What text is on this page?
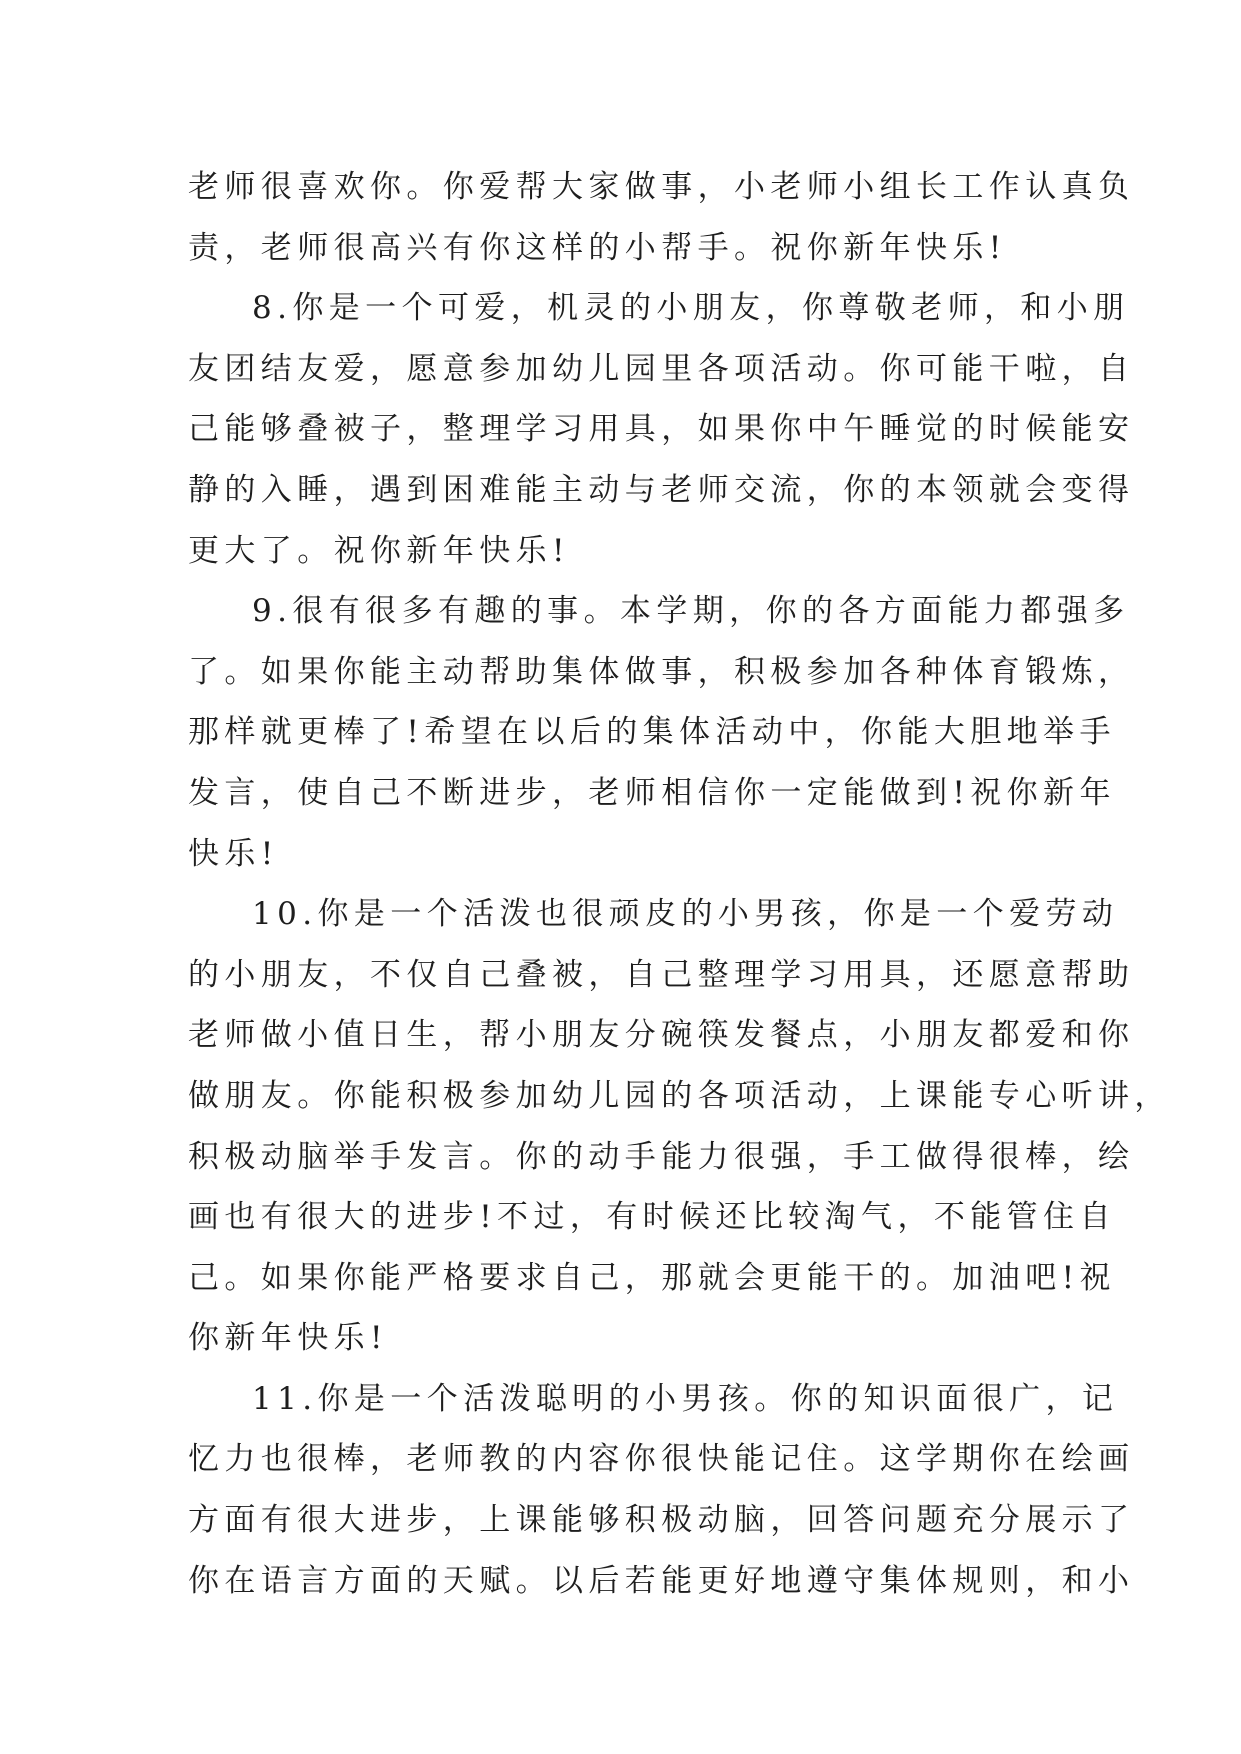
老师很喜欢你。你爱帮大家做事，小老师小组长工作认真负
责，老师很高兴有你这样的小帮手。祝你新年快乐!
8.你是一个可爱，机灵的小朋友，你尊敬老师，和小朋
友团结友爱，愿意参加幼儿园里各项活动。你可能干啦，自
己能够叠被子，整理学习用具，如果你中午睡觉的时候能安
静的入睡，遇到困难能主动与老师交流，你的本领就会变得
更大了。祝你新年快乐!
9.很有很多有趣的事。本学期，你的各方面能力都强多
了。如果你能主动帮助集体做事，积极参加各种体育锻炼，
那样就更棒了!希望在以后的集体活动中，你能大胆地举手
发言，使自己不断进步，老师相信你一定能做到!祝你新年
快乐!
10.你是一个活泼也很顽皮的小男孩，你是一个爱劳动
的小朋友，不仅自己叠被，自己整理学习用具，还愿意帮助
老师做小值日生，帮小朋友分碗筷发餐点，小朋友都爱和你
做朋友。你能积极参加幼儿园的各项活动，上课能专心听讲，
积极动脑举手发言。你的动手能力很强，手工做得很棒，绘
画也有很大的进步!不过，有时候还比较淘气，不能管住自
己。如果你能严格要求自己，那就会更能干的。加油吧!祝
你新年快乐!
11.你是一个活泼聪明的小男孩。你的知识面很广，记
忆力也很棒，老师教的内容你很快能记住。这学期你在绘画
方面有很大进步，上课能够积极动脑，回答问题充分展示了
你在语言方面的天赋。以后若能更好地遵守集体规则，和小
